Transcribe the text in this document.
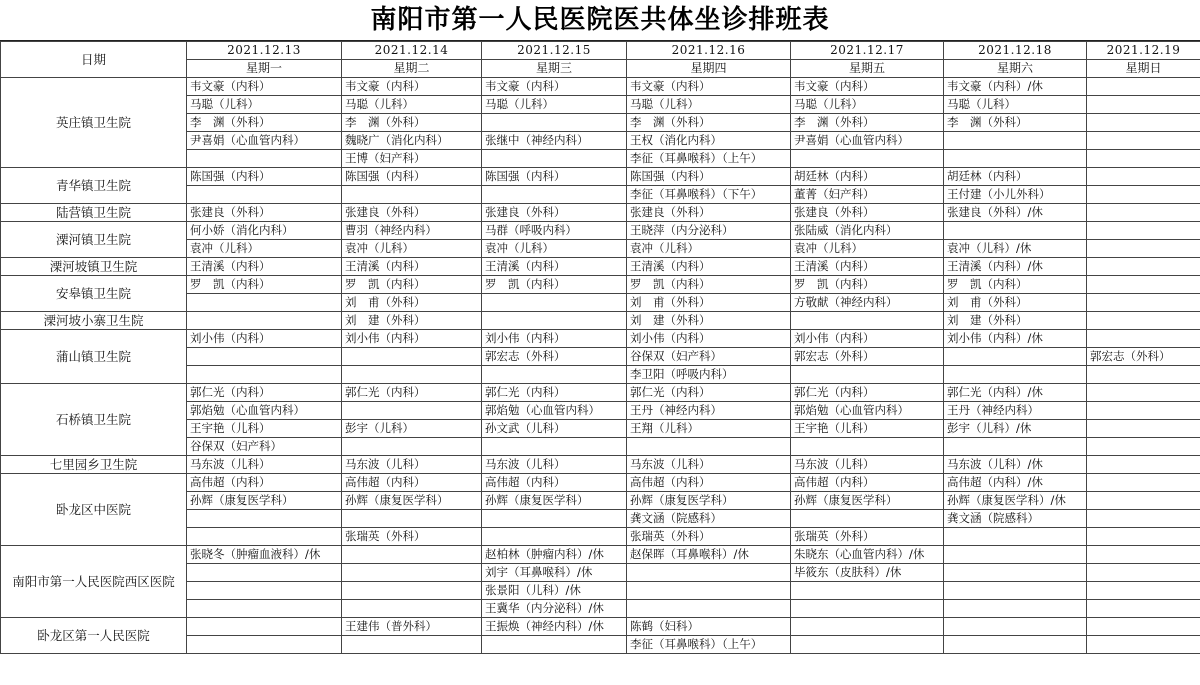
南阳市第一人民医院医共体坐诊排班表
日期	2021.12.13	2021.12.14	2021.12.15	2021.12.16	2021.12.17	2021.12.18	2021.12.19
	星期一	星期二	星期三	星期四	星期五	星期六	星期日
英庄镇卫生院	韦文豪（内科）	韦文豪（内科）	韦文豪（内科）	韦文豪（内科）	韦文豪（内科）	韦文豪（内科）/休	
	马聪（儿科）	马聪（儿科）	马聪（儿科）	马聪（儿科）	马聪（儿科）	马聪（儿科）	
	李　渊（外科）	李　渊（外科）		李　渊（外科）	李　渊（外科）	李　渊（外科）	
	尹喜娟（心血管内科）	魏晓广（消化内科）	张继中（神经内科）	王权（消化内科）	尹喜娟（心血管内科）		
		王博（妇产科）		李征（耳鼻喉科）（上午）			
青华镇卫生院	陈国强（内科）	陈国强（内科）	陈国强（内科）	陈国强（内科）	胡廷林（内科）	胡廷林（内科）	
				李征（耳鼻喉科）（下午）	董菁（妇产科）	王付建（小儿外科）	
陆营镇卫生院	张建良（外科）	张建良（外科）	张建良（外科）	张建良（外科）	张建良（外科）	张建良（外科）/休	
溧河镇卫生院	何小娇（消化内科）	曹羽（神经内科）	马群（呼吸内科）	王晓萍（内分泌科）	张陆威（消化内科）		
	袁冲（儿科）	袁冲（儿科）	袁冲（儿科）	袁冲（儿科）	袁冲（儿科）	袁冲（儿科）/休	
溧河坡镇卫生院	王清溪（内科）	王清溪（内科）	王清溪（内科）	王清溪（内科）	王清溪（内科）	王清溪（内科）/休	
安皋镇卫生院	罗　凯（内科）	罗　凯（内科）	罗　凯（内科）	罗　凯（内科）	罗　凯（内科）	罗　凯（内科）	
		刘　甫（外科）		刘　甫（外科）	方敬献（神经内科）	刘　甫（外科）	
溧河坡小寨卫生院		刘　建（外科）		刘　建（外科）		刘　建（外科）	
蒲山镇卫生院	刘小伟（内科）	刘小伟（内科）	刘小伟（内科）	刘小伟（内科）	刘小伟（内科）	刘小伟（内科）/休	
			郭宏志（外科）	谷保双（妇产科）	郭宏志（外科）		郭宏志（外科）
				李卫阳（呼吸内科）			
石桥镇卫生院	郭仁光（内科）	郭仁光（内科）	郭仁光（内科）	郭仁光（内科）	郭仁光（内科）	郭仁光（内科）/休	
	郭焰勉（心血管内科）		郭焰勉（心血管内科）	王丹（神经内科）	郭焰勉（心血管内科）	王丹（神经内科）	
	王宇艳（儿科）	彭宇（儿科）	孙文武（儿科）	王翔（儿科）	王宇艳（儿科）	彭宇（儿科）/休	
	谷保双（妇产科）						
七里园乡卫生院	马东波（儿科）	马东波（儿科）	马东波（儿科）	马东波（儿科）	马东波（儿科）	马东波（儿科）/休	
卧龙区中医院	高伟超（内科）	高伟超（内科）	高伟超（内科）	高伟超（内科）	高伟超（内科）	高伟超（内科）/休	
	孙辉（康复医学科）	孙辉（康复医学科）	孙辉（康复医学科）	孙辉（康复医学科）	孙辉（康复医学科）	孙辉（康复医学科）/休	
				龚文涵（院感科）		龚文涵（院感科）	
		张瑞英（外科）		张瑞英（外科）	张瑞英（外科）		
南阳市第一人民医院西区医院	张晓冬（肿瘤血液科）/休		赵柏林（肿瘤内科）/休	赵保晖（耳鼻喉科）/休	朱晓东（心血管内科）/休		
			刘宇（耳鼻喉科）/休		毕筱东（皮肤科）/休		
			张景阳（儿科）/休				
			王冀华（内分泌科）/休				
卧龙区第一人民医院		王建伟（普外科）	王振焕（神经内科）/休	陈鹤（妇科）			
				李征（耳鼻喉科）（上午）			
